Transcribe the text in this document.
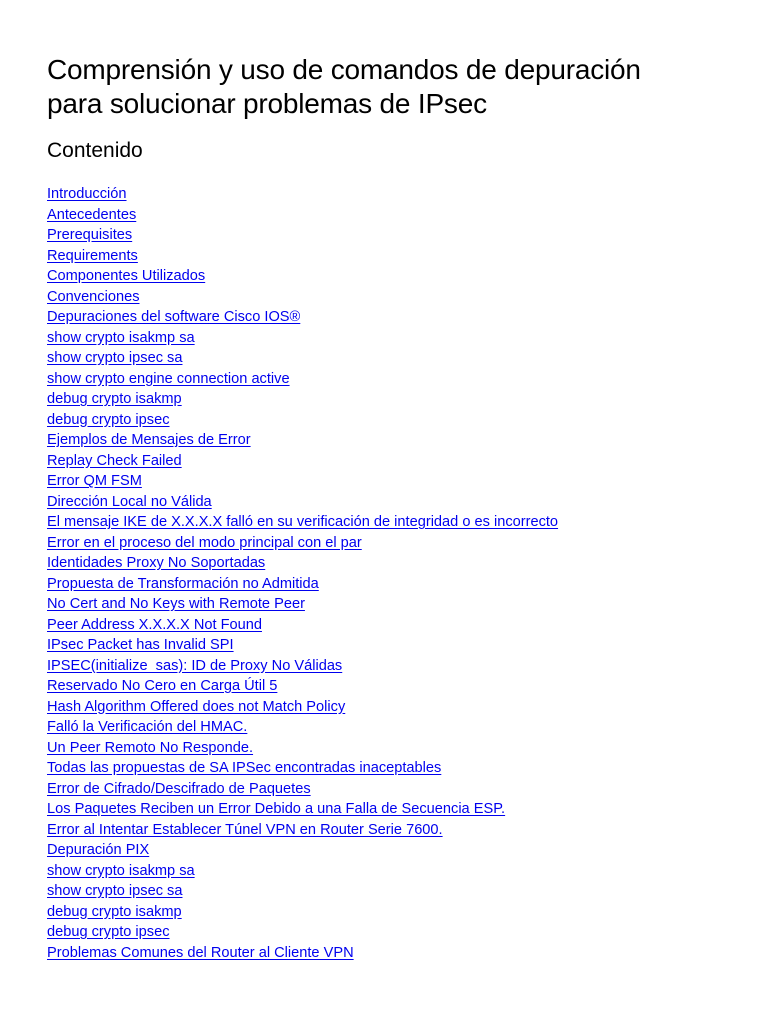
Comprensión y uso de comandos de depuración
para solucionar problemas de IPsec
Contenido
Introducción
Antecedentes
Prerequisites
Requirements
Componentes Utilizados
Convenciones
Depuraciones del software Cisco IOS®
show crypto isakmp sa
show crypto ipsec sa
show crypto engine connection active
debug crypto isakmp
debug crypto ipsec
Ejemplos de Mensajes de Error
Replay Check Failed
Error QM FSM
Dirección Local no Válida
El mensaje IKE de X.X.X.X falló en su verificación de integridad o es incorrecto
Error en el proceso del modo principal con el par
Identidades Proxy No Soportadas
Propuesta de Transformación no Admitida
No Cert and No Keys with Remote Peer
Peer Address X.X.X.X Not Found
IPsec Packet has Invalid SPI
IPSEC(initialize_sas): ID de Proxy No Válidas
Reservado No Cero en Carga Útil 5
Hash Algorithm Offered does not Match Policy
Falló la Verificación del HMAC.
Un Peer Remoto No Responde.
Todas las propuestas de SA IPSec encontradas inaceptables
Error de Cifrado/Descifrado de Paquetes
Los Paquetes Reciben un Error Debido a una Falla de Secuencia ESP.
Error al Intentar Establecer Túnel VPN en Router Serie 7600.
Depuración PIX
show crypto isakmp sa
show crypto ipsec sa
debug crypto isakmp
debug crypto ipsec
Problemas Comunes del Router al Cliente VPN
